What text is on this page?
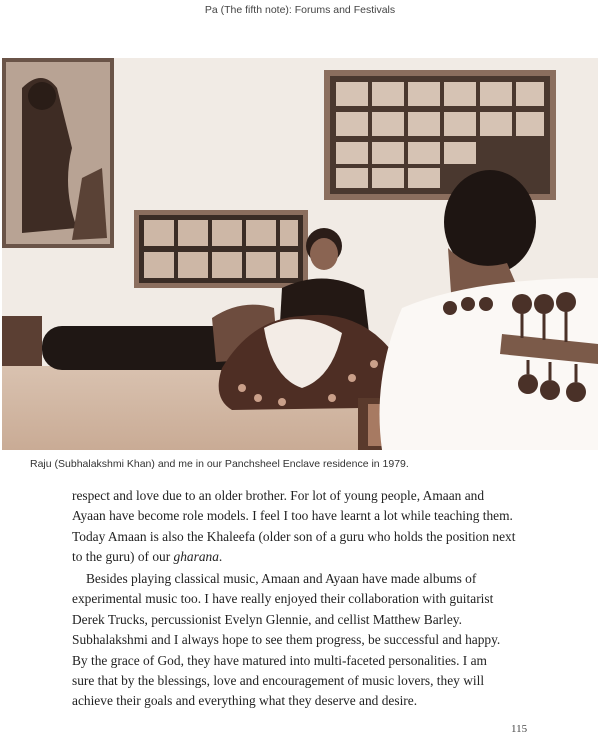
Pa (The fifth note): Forums and Festivals
Raju (Subhalakshmi Khan) and me in our Panchsheel Enclave residence in 1979.

respect and love due to an older brother. For lot of young people, Amaan and
Ayaan have become role models. I feel I too have learnt a lot while teaching them.
Today Amaan is also the Khaleefa (older son of a guru who holds the position next
to the guru) of our gharana.

Besides playing classical music, Amaan and Ayaan have made albums of
experimental music too. I have really enjoyed their collaboration with guitarist
Derek Trucks, percussionist Evelyn Glennie, and cellist Matthew Barley.
Subhalakshmi and I always hope to see them progress, be successful and happy.
By the grace of God, they have matured into multi-faceted personalities. I am
sure that by the blessings, love and encouragement of music lovers, they will
achieve their goals and everything what they deserve and desire.

115
